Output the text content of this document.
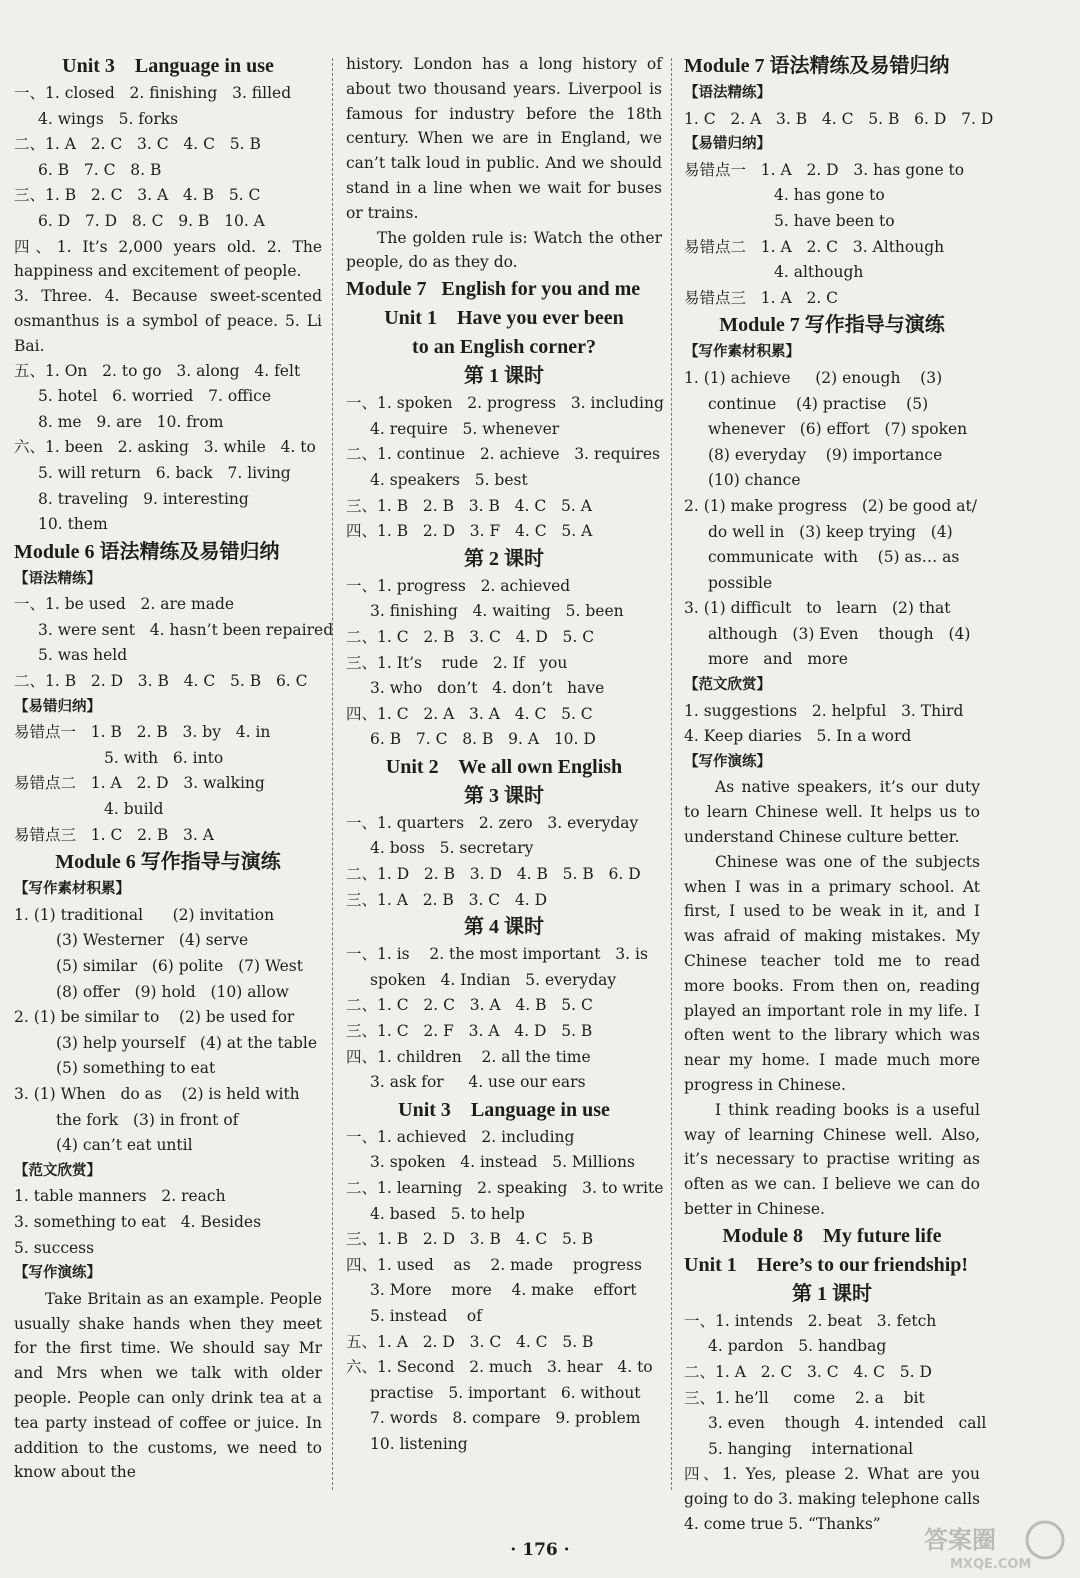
Unit 3    Language in use
一、1. closed   2. finishing   3. filled
4. wings   5. forks
二、1. A   2. C   3. C   4. C   5. B
6. B   7. C   8. B
三、1. B   2. C   3. A   4. B   5. C
6. D   7. D   8. C   9. B   10. A
四、1. It’s 2,000 years old. 2. The happiness and excitement of people.
3. Three. 4. Because sweet-scented osmanthus is a symbol of peace. 5. Li Bai.
五、1. On   2. to go   3. along   4. felt
5. hotel   6. worried   7. office
8. me   9. are   10. from
六、1. been   2. asking   3. while   4. to
5. will return   6. back   7. living
8. traveling   9. interesting
10. them
Module 6 语法精练及易错归纳
【语法精练】
一、1. be used   2. are made
3. were sent   4. hasn’t been repaired
5. was held
二、1. B   2. D   3. B   4. C   5. B   6. C
【易错归纳】
易错点一   1. B   2. B   3. by   4. in
5. with   6. into
易错点二   1. A   2. D   3. walking
4. build
易错点三   1. C   2. B   3. A
Module 6 写作指导与演练
【写作素材积累】
1. (1) traditional      (2) invitation
(3) Westerner   (4) serve
(5) similar   (6) polite   (7) West
(8) offer   (9) hold   (10) allow
2. (1) be similar to    (2) be used for
(3) help yourself   (4) at the table
(5) something to eat
3. (1) When   do as    (2) is held with
the fork   (3) in front of
(4) can’t eat until
【范文欣赏】
1. table manners   2. reach
3. something to eat   4. Besides
5. success
【写作演练】
Take Britain as an example. People usually shake hands when they meet for the first time. We should say Mr and Mrs when we talk with older people. People can only drink tea at a tea party instead of coffee or juice. In addition to the customs, we need to know about the
history. London has a long history of about two thousand years. Liverpool is famous for industry before the 18th century. When we are in England, we can’t talk loud in public. And we should stand in a line when we wait for buses or trains.
The golden rule is: Watch the other people, do as they do.
Module 7   English for you and me
Unit 1    Have you ever been
to an English corner?
第 1 课时
一、1. spoken   2. progress   3. including
4. require   5. whenever
二、1. continue   2. achieve   3. requires
4. speakers   5. best
三、1. B   2. B   3. B   4. C   5. A
四、1. B   2. D   3. F   4. C   5. A
第 2 课时
一、1. progress   2. achieved
3. finishing   4. waiting   5. been
二、1. C   2. B   3. C   4. D   5. C
三、1. It’s    rude   2. If   you
3. who   don’t   4. don’t   have
四、1. C   2. A   3. A   4. C   5. C
6. B   7. C   8. B   9. A   10. D
Unit 2    We all own English
第 3 课时
一、1. quarters   2. zero   3. everyday
4. boss   5. secretary
二、1. D   2. B   3. D   4. B   5. B   6. D
三、1. A   2. B   3. C   4. D
第 4 课时
一、1. is    2. the most important   3. is
spoken   4. Indian   5. everyday
二、1. C   2. C   3. A   4. B   5. C
三、1. C   2. F   3. A   4. D   5. B
四、1. children    2. all the time
3. ask for     4. use our ears
Unit 3    Language in use
一、1. achieved   2. including
3. spoken   4. instead   5. Millions
二、1. learning   2. speaking   3. to write
4. based   5. to help
三、1. B   2. D   3. B   4. C   5. B
四、1. used    as    2. made    progress
3. More    more    4. make    effort
5. instead    of
五、1. A   2. D   3. C   4. C   5. B
六、1. Second   2. much   3. hear   4. to
practise   5. important   6. without
7. words   8. compare   9. problem
10. listening
Module 7 语法精练及易错归纳
【语法精练】
1. C   2. A   3. B   4. C   5. B   6. D   7. D
【易错归纳】
易错点一   1. A   2. D   3. has gone to
4. has gone to
5. have been to
易错点二   1. A   2. C   3. Although
4. although
易错点三   1. A   2. C
Module 7 写作指导与演练
【写作素材积累】
1. (1) achieve     (2) enough    (3)
continue    (4) practise    (5)
whenever   (6) effort   (7) spoken
(8) everyday    (9) importance
(10) chance
2. (1) make progress   (2) be good at/
do well in   (3) keep trying   (4)
communicate  with    (5) as… as
possible
3. (1) difficult   to   learn   (2) that
although   (3) Even    though   (4)
more   and   more
【范文欣赏】
1. suggestions   2. helpful   3. Third
4. Keep diaries   5. In a word
【写作演练】
As native speakers, it’s our duty to learn Chinese well. It helps us to understand Chinese culture better.
Chinese was one of the subjects when I was in a primary school. At first, I used to be weak in it, and I was afraid of making mistakes. My Chinese teacher told me to read more books. From then on, reading played an important role in my life. I often went to the library which was near my home. I made much more progress in Chinese.
I think reading books is a useful way of learning Chinese well. Also, it’s necessary to practise writing as often as we can. I believe we can do better in Chinese.
Module 8    My future life
Unit 1    Here’s to our friendship!
第 1 课时
一、1. intends   2. beat   3. fetch
4. pardon   5. handbag
二、1. A   2. C   3. C   4. C   5. D
三、1. he’ll     come    2. a    bit
3. even    though   4. intended   call
5. hanging    international
四、1. Yes, please 2. What are you going to do 3. making telephone calls 4. come true 5. “Thanks”
· 176 ·	答案圈
MXQE.COM
